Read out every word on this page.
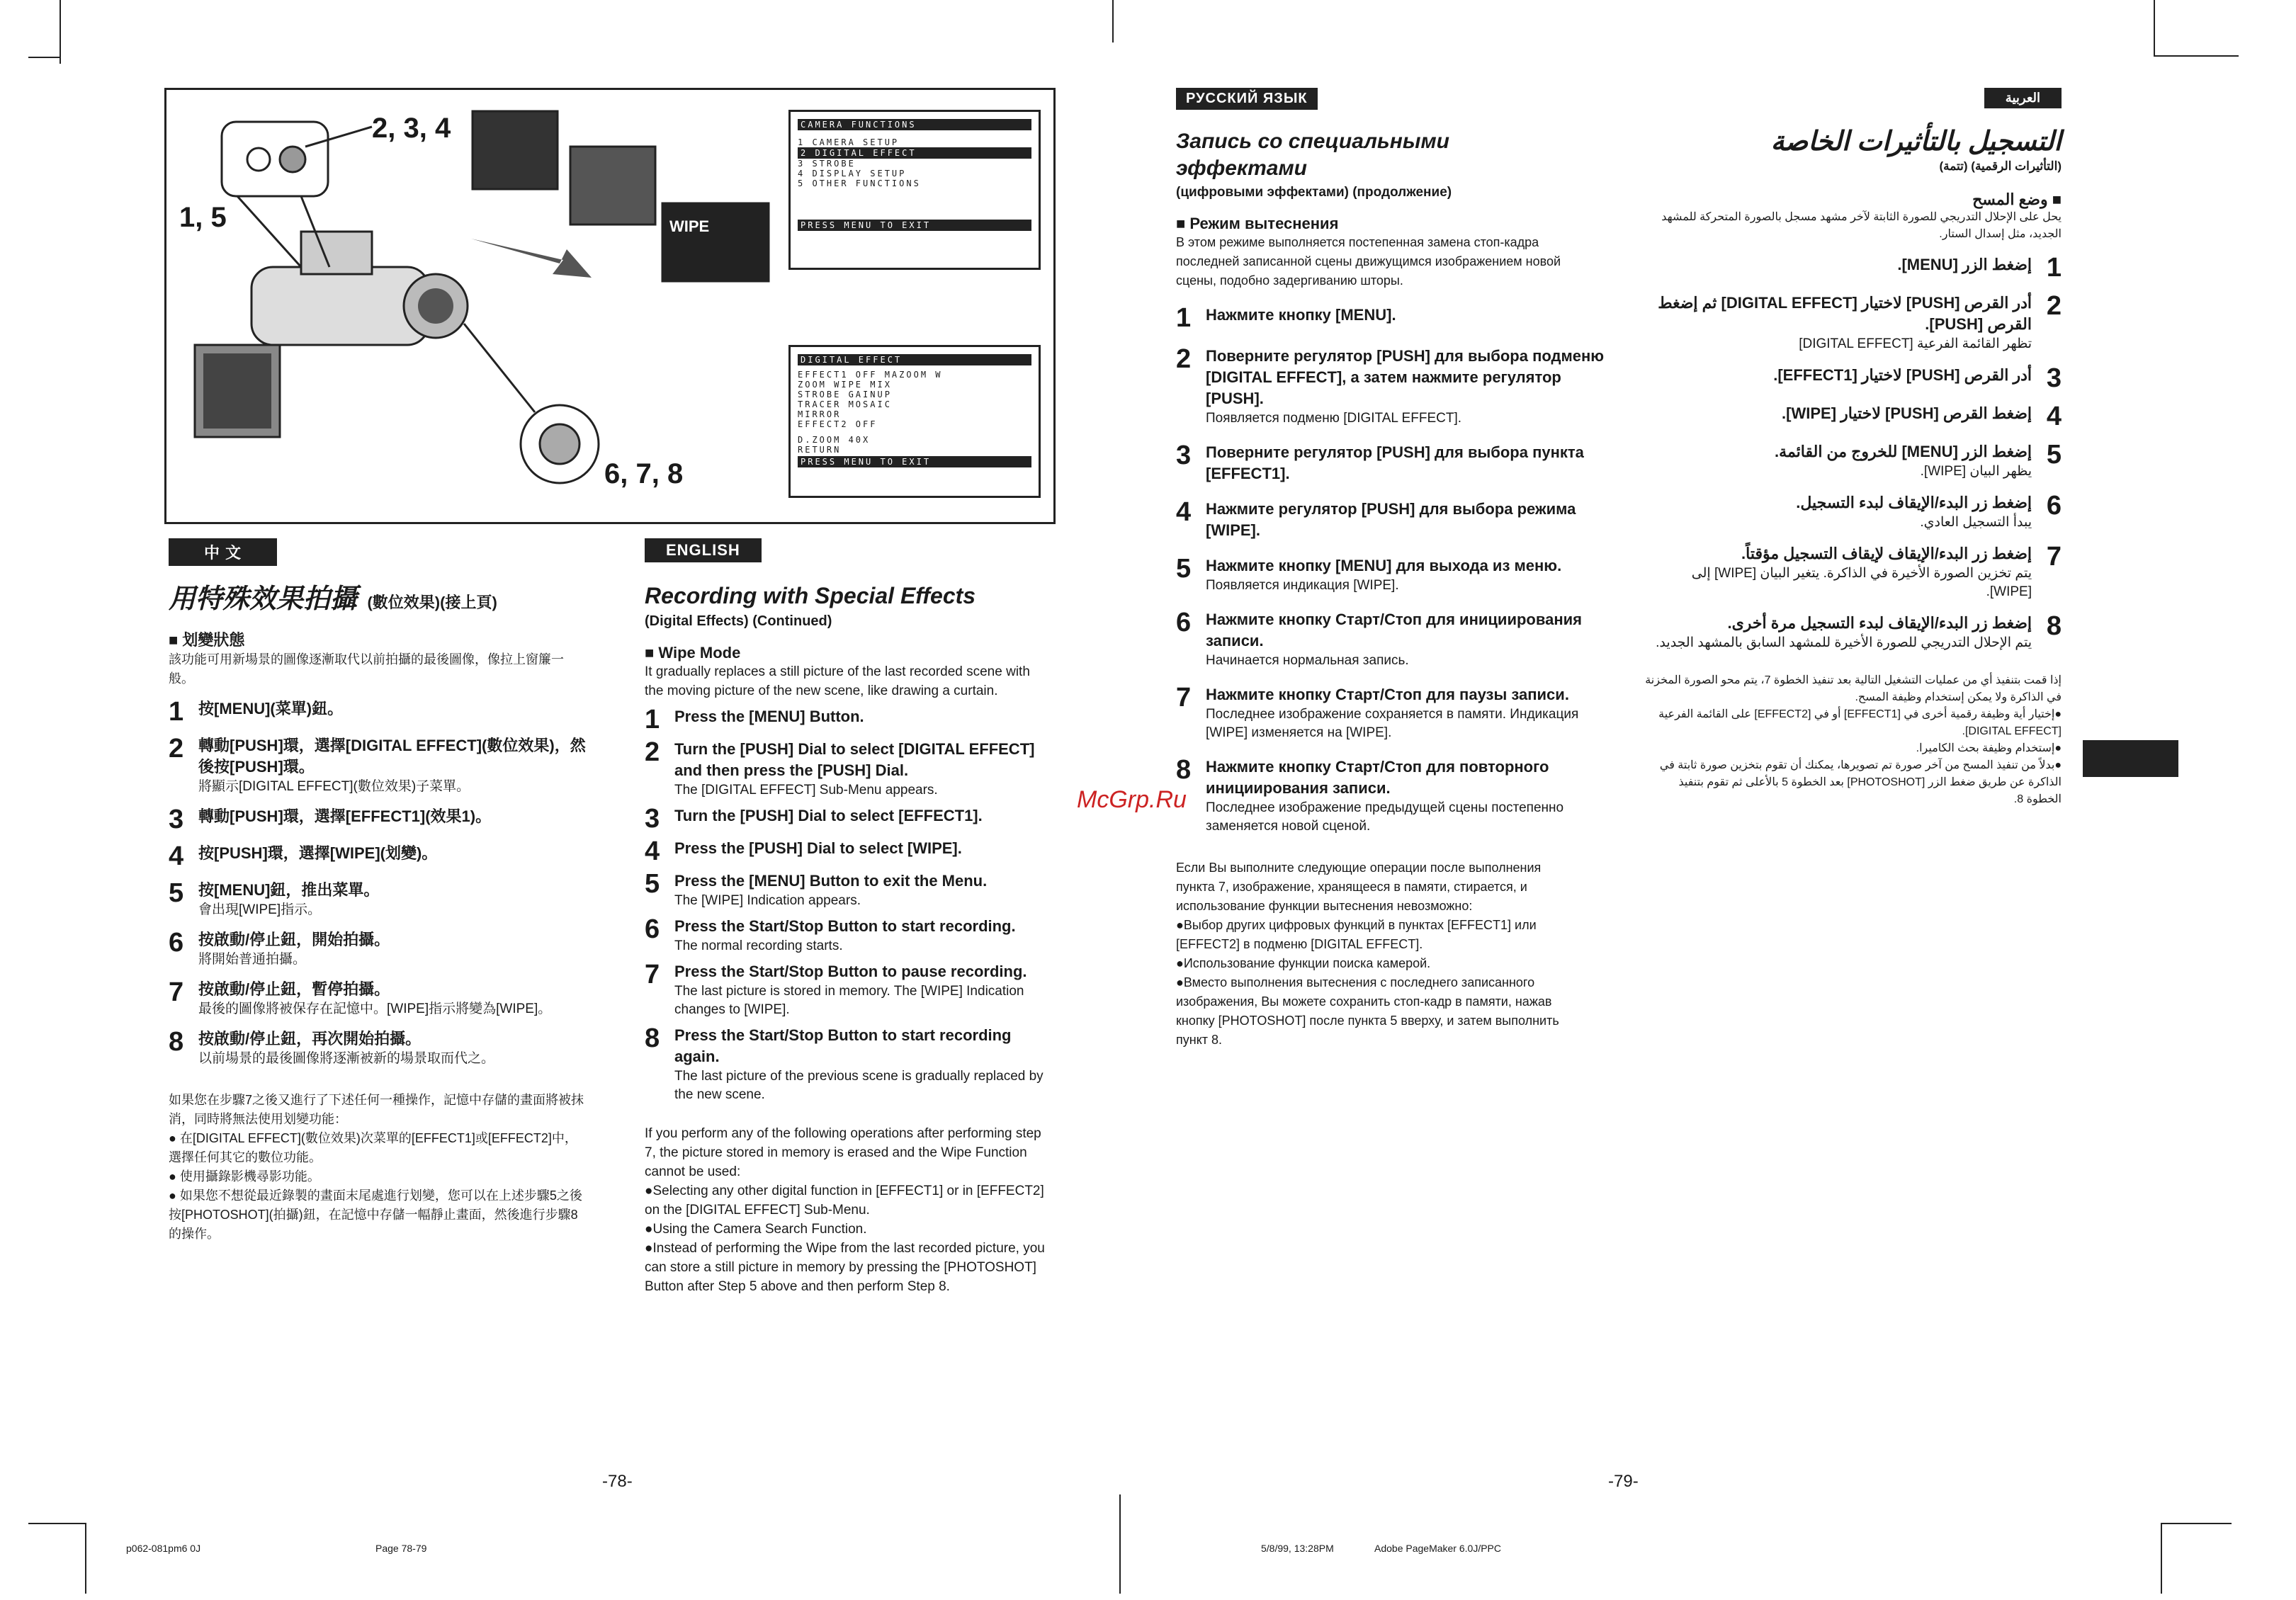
2, 3, 4
1, 5
6, 7, 8
WIPE
CAMERA FUNCTIONS
1 CAMERA SETUP
2 DIGITAL EFFECT
3 STROBE
4 DISPLAY SETUP
5 OTHER FUNCTIONS
PRESS MENU TO EXIT
DIGITAL EFFECT
EFFECT1 OFF MAZOOM W
ZOOM WIPE MIX
STROBE GAINUP
TRACER MOSAIC
MIRROR
EFFECT2 OFF
D.ZOOM 40X
RETURN
PRESS MENU TO EXIT
中 文
用特殊效果拍攝 (數位效果)(接上頁)
■ 划變狀態
該功能可用新場景的圖像逐漸取代以前拍攝的最後圖像，像拉上窗簾一般。
1 按[MENU](菜單)鈕。
2 轉動[PUSH]環，選擇[DIGITAL EFFECT](數位效果)，然後按[PUSH]環。
將顯示[DIGITAL EFFECT](數位效果)子菜單。
3 轉動[PUSH]環，選擇[EFFECT1](效果1)。
4 按[PUSH]環，選擇[WIPE](划變)。
5 按[MENU]鈕，推出菜單。
會出現[WIPE]指示。
6 按啟動/停止鈕，開始拍攝。
將開始普通拍攝。
7 按啟動/停止鈕，暫停拍攝。
最後的圖像將被保存在記憶中。[WIPE]指示將變為[WIPE]。
8 按啟動/停止鈕，再次開始拍攝。
以前場景的最後圖像將逐漸被新的場景取而代之。
如果您在步驟7之後又進行了下述任何一種操作，記憶中存儲的畫面將被抹消，同時將無法使用划變功能：
● 在[DIGITAL EFFECT](數位效果)次菜單的[EFFECT1]或[EFFECT2]中，選擇任何其它的數位功能。
● 使用攝錄影機尋影功能。
● 如果您不想從最近錄製的畫面末尾處進行划變，您可以在上述步驟5之後按[PHOTOSHOT](拍攝)鈕，在記憶中存儲一幅靜止畫面，然後進行步驟8的操作。
ENGLISH
Recording with Special Effects
(Digital Effects) (Continued)
■ Wipe Mode
It gradually replaces a still picture of the last recorded scene with the moving picture of the new scene, like drawing a curtain.
1 Press the [MENU] Button.
2 Turn the [PUSH] Dial to select [DIGITAL EFFECT] and then press the [PUSH] Dial.
The [DIGITAL EFFECT] Sub-Menu appears.
3 Turn the [PUSH] Dial to select [EFFECT1].
4 Press the [PUSH] Dial to select [WIPE].
5 Press the [MENU] Button to exit the Menu.
The [WIPE] Indication appears.
6 Press the Start/Stop Button to start recording.
The normal recording starts.
7 Press the Start/Stop Button to pause recording.
The last picture is stored in memory. The [WIPE] Indication changes to [WIPE].
8 Press the Start/Stop Button to start recording again.
The last picture of the previous scene is gradually replaced by the new scene.
If you perform any of the following operations after performing step 7, the picture stored in memory is erased and the Wipe Function cannot be used:
●Selecting any other digital function in [EFFECT1] or in [EFFECT2] on the [DIGITAL EFFECT] Sub-Menu.
●Using the Camera Search Function.
●Instead of performing the Wipe from the last recorded picture, you can store a still picture in memory by pressing the [PHOTOSHOT] Button after Step 5 above and then perform Step 8.
-78-
p062-081pm6 0J	Page 78-79
McGrp.Ru
РУССКИЙ ЯЗЫК
Запись со специальными эффектами
(цифровыми эффектами) (продолжение)
■ Режим вытеснения
В этом режиме выполняется постепенная замена стоп-кадра последней записанной сцены движущимся изображением новой сцены, подобно задергиванию шторы.
1 Нажмите кнопку [MENU].
2 Поверните регулятор [PUSH] для выбора подменю [DIGITAL EFFECT], а затем нажмите регулятор [PUSH].
Появляется подменю [DIGITAL EFFECT].
3 Поверните регулятор [PUSH] для выбора пункта [EFFECT1].
4 Нажмите регулятор [PUSH] для выбора режима [WIPE].
5 Нажмите кнопку [MENU] для выхода из меню.
Появляется индикация [WIPE].
6 Нажмите кнопку Старт/Стоп для инициирования записи.
Начинается нормальная запись.
7 Нажмите кнопку Старт/Стоп для паузы записи.
Последнее изображение сохраняется в памяти. Индикация [WIPE] изменяется на [WIPE].
8 Нажмите кнопку Старт/Стоп для повторного инициирования записи.
Последнее изображение предыдущей сцены постепенно заменяется новой сценой.
Если Вы выполните следующие операции после выполнения пункта 7, изображение, хранящееся в памяти, стирается, и использование функции вытеснения невозможно:
●Выбор других цифровых функций в пунктах [EFFECT1] или [EFFECT2] в подменю [DIGITAL EFFECT].
●Использование функции поиска камерой.
●Вместо выполнения вытеснения с последнего записанного изображения, Вы можете сохранить стоп-кадр в памяти, нажав кнопку [PHOTOSHOT] после пункта 5 вверху, и затем выполнить пункт 8.
العربية
التسجيل بالتأثيرات الخاصة
(التأثيرات الرقمية) (تتمة)
■ وضع المسح
يحل على الإحلال التدريجي للصورة الثابتة لآخر مشهد مسجل بالصورة المتحركة للمشهد الجديد، مثل إسدال الستار.
1
إضغط الزر [MENU].
2
أدر القرص [PUSH] لاختيار [DIGITAL EFFECT] ثم إضغط القرص [PUSH].
تظهر القائمة الفرعية [DIGITAL EFFECT]
3
أدر القرص [PUSH] لاختيار [EFFECT1].
4
إضغط القرص [PUSH] لاختيار [WIPE].
5
إضغط الزر [MENU] للخروج من القائمة.
يظهر البيان [WIPE].
6
إضغط زر البدء/الإيقاف لبدء التسجيل.
يبدأ التسجيل العادي.
7
إضغط زر البدء/الإيقاف لإيقاف التسجيل مؤقتاً.
يتم تخزين الصورة الأخيرة في الذاكرة. يتغير البيان [WIPE] إلى [WIPE].
8
إضغط زر البدء/الإيقاف لبدء التسجيل مرة أخرى.
يتم الإحلال التدريجي للصورة الأخيرة للمشهد السابق بالمشهد الجديد.
إذا قمت بتنفيذ أي من عمليات التشغيل التالية بعد تنفيذ الخطوة 7، يتم محو الصورة المخزنة في الذاكرة ولا يمكن إستخدام وظيفة المسح.
●إختيار أية وظيفة رقمية أخرى في [EFFECT1] أو في [EFFECT2] على القائمة الفرعية [DIGITAL EFFECT].
●إستخدام وظيفة بحث الكاميرا.
●بدلاً من تنفيذ المسح من آخر صورة تم تصويرها، يمكنك أن تقوم بتخزين صورة ثابتة في الذاكرة عن طريق ضغط الزر [PHOTOSHOT] بعد الخطوة 5 بالأعلى ثم تقوم بتنفيذ الخطوة 8.
-79-
5/8/99, 13:28PM	Adobe PageMaker 6.0J/PPC
